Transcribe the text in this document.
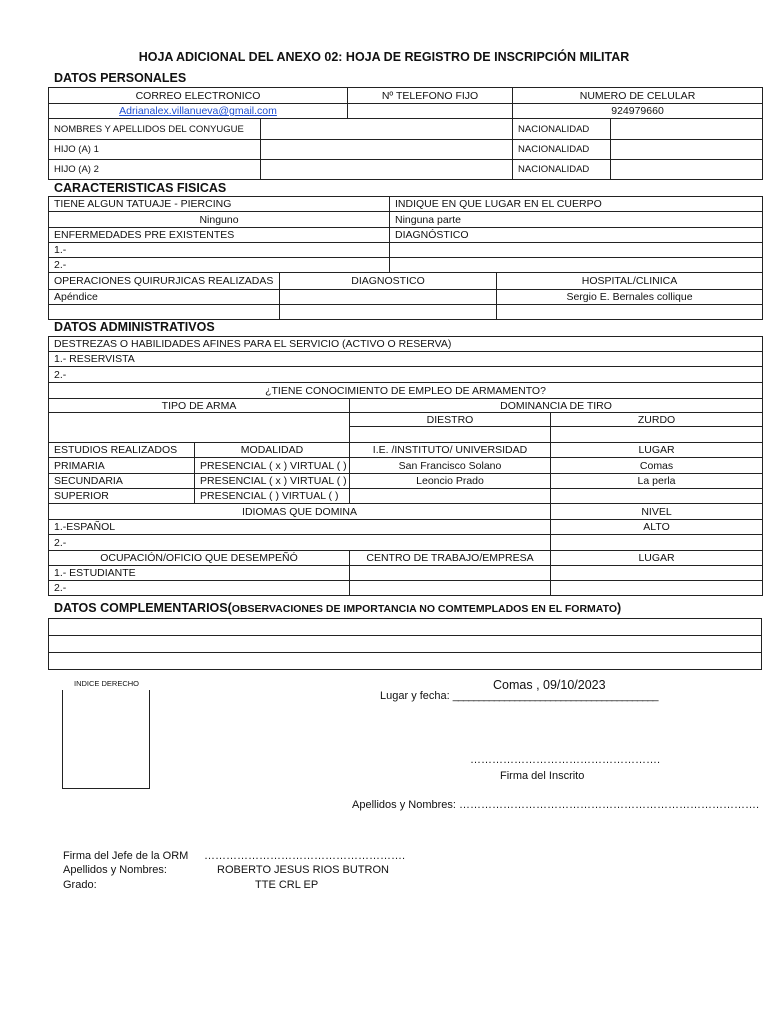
HOJA ADICIONAL DEL ANEXO 02: HOJA DE REGISTRO DE INSCRIPCIÓN MILITAR
DATOS PERSONALES
CORREO ELECTRONICO		Nº TELEFONO FIJO	NUMERO DE CELULAR	
Adrianalex.villanueva@gmail.com			924979660	
NOMBRES Y APELLIDOS DEL CONYUGUE			NACIONALIDAD	
HIJO (A) 1			NACIONALIDAD	
HIJO (A) 2			NACIONALIDAD	
CARACTERISTICAS FISICAS
TIENE ALGUN TATUAJE - PIERCING		INDIQUE EN QUE LUGAR EN EL CUERPO	
Ninguno		Ninguna parte	
ENFERMEDADES PRE EXISTENTES		DIAGNÓSTICO	
1.-			
2.-			
OPERACIONES QUIRURJICAS REALIZADAS	DIAGNOSTICO		HOSPITAL/CLINICA
Apéndice			Sergio E. Bernales collique

DATOS ADMINISTRATIVOS
DESTREZAS O HABILIDADES AFINES PARA EL SERVICIO (ACTIVO O RESERVA)			
1.- RESERVISTA			
2.-			
¿TIENE CONOCIMIENTO DE EMPLEO DE ARMAMENTO?			
TIPO DE ARMA		DOMINANCIA DE TIRO	
		DIESTRO	ZURDO

ESTUDIOS REALIZADOS	MODALIDAD	I.E. /INSTITUTO/ UNIVERSIDAD	LUGAR
PRIMARIA	PRESENCIAL ( x ) VIRTUAL ( )	San Francisco Solano	Comas
SECUNDARIA	PRESENCIAL ( x ) VIRTUAL ( )	Leoncio Prado	La perla
SUPERIOR	PRESENCIAL ( ) VIRTUAL ( )		
IDIOMAS QUE DOMINA			NIVEL
1.-ESPAÑOL			ALTO
2.-			
OCUPACIÓN/OFICIO QUE DESEMPEÑÓ		CENTRO DE TRABAJO/EMPRESA	LUGAR
1.- ESTUDIANTE			
2.-			
DATOS COMPLEMENTARIOS(OBSERVACIONES DE IMPORTANCIA NO COMTEMPLADOS EN EL FORMATO)

INDICE DERECHO	Comas , 09/10/2023
Lugar y fecha: ________________________________________
…………………………………………….
Firma del Inscrito
Apellidos y Nombres: ……………………………………………………………………….
Firma del Jefe de la ORM ……………………………………………….
Apellidos y Nombres:	ROBERTO JESUS RIOS BUTRON
Grado:	TTE CRL EP
